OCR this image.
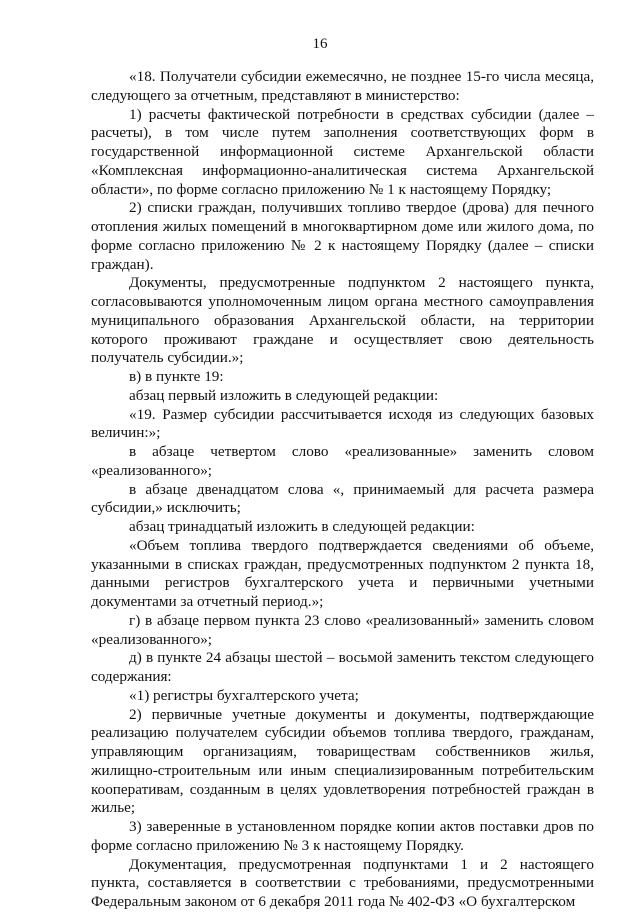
16

«18. Получатели субсидии ежемесячно, не позднее 15-го числа месяца, следующего за отчетным, представляют в министерство:

1) расчеты фактической потребности в средствах субсидии (далее – расчеты), в том числе путем заполнения соответствующих форм в государственной информационной системе Архангельской области «Комплексная информационно-аналитическая система Архангельской области», по форме согласно приложению № 1 к настоящему Порядку;

2) списки граждан, получивших топливо твердое (дрова) для печного отопления жилых помещений в многоквартирном доме или жилого дома, по форме согласно приложению № 2 к настоящему Порядку (далее – списки граждан).

Документы, предусмотренные подпунктом 2 настоящего пункта, согласовываются уполномоченным лицом органа местного самоуправления муниципального образования Архангельской области, на территории которого проживают граждане и осуществляет свою деятельность получатель субсидии.»;

в) в пункте 19:

абзац первый изложить в следующей редакции:

«19. Размер субсидии рассчитывается исходя из следующих базовых величин:»;

в абзаце четвертом слово «реализованные» заменить словом «реализованного»;

в абзаце двенадцатом слова «, принимаемый для расчета размера субсидии,» исключить;

абзац тринадцатый изложить в следующей редакции:

«Объем топлива твердого подтверждается сведениями об объеме, указанными в списках граждан, предусмотренных подпунктом 2 пункта 18, данными регистров бухгалтерского учета и первичными учетными документами за отчетный период.»;

г) в абзаце первом пункта 23 слово «реализованный» заменить словом «реализованного»;

д) в пункте 24 абзацы шестой – восьмой заменить текстом следующего содержания:

«1) регистры бухгалтерского учета;

2) первичные учетные документы и документы, подтверждающие реализацию получателем субсидии объемов топлива твердого, гражданам, управляющим организациям, товариществам собственников жилья, жилищно-строительным или иным специализированным потребительским кооперативам, созданным в целях удовлетворения потребностей граждан в жилье;

3) заверенные в установленном порядке копии актов поставки дров по форме согласно приложению № 3 к настоящему Порядку.

Документация, предусмотренная подпунктами 1 и 2 настоящего пункта, составляется в соответствии с требованиями, предусмотренными Федеральным законом от 6 декабря 2011 года № 402-ФЗ «О бухгалтерском
